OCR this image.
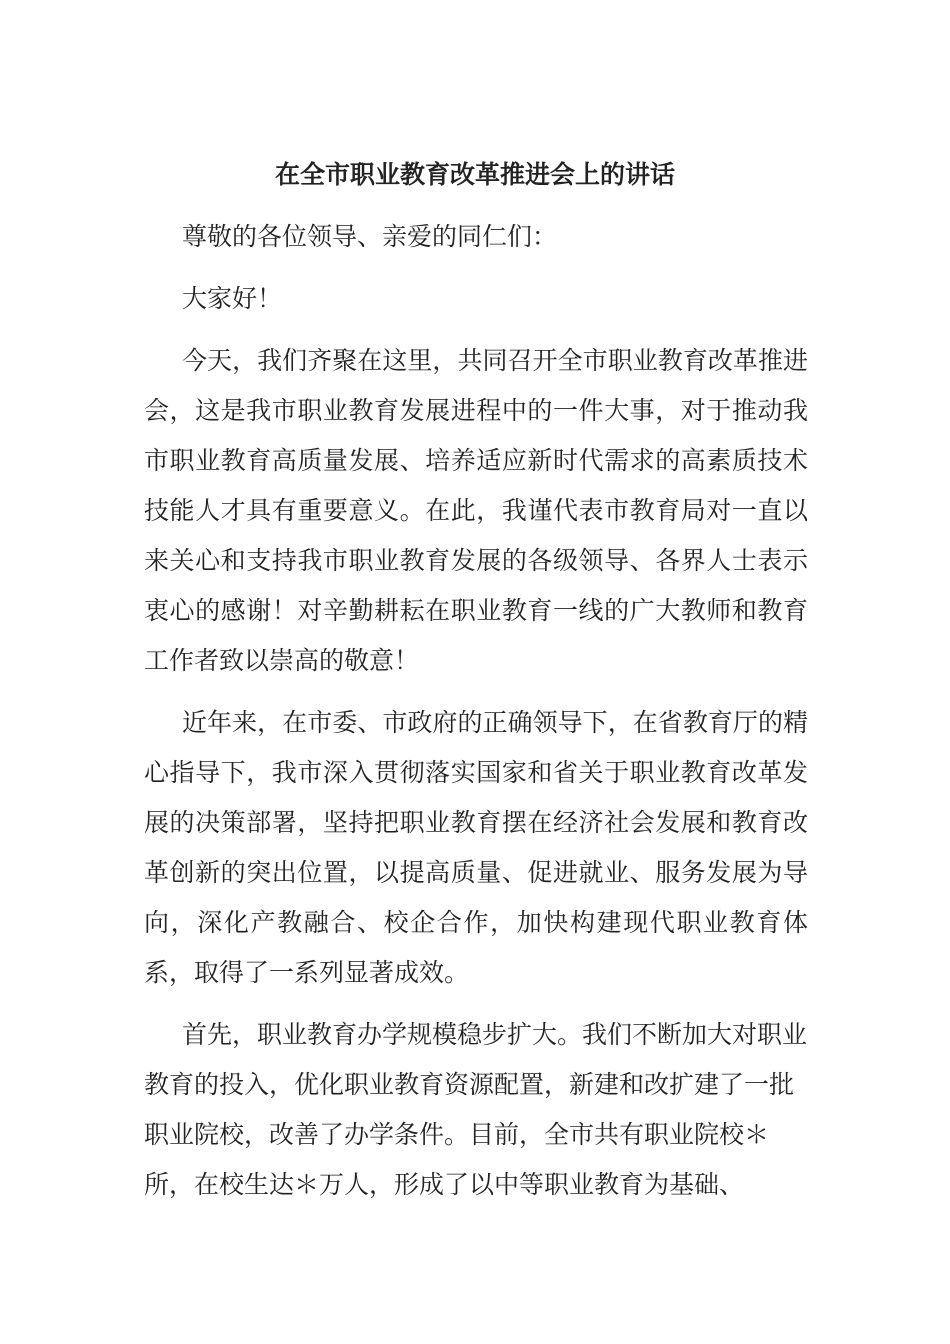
在全市职业教育改革推进会上的讲话

尊敬的各位领导、亲爱的同仁们：

大家好！

今天，我们齐聚在这里，共同召开全市职业教育改革推进会，这是我市职业教育发展进程中的一件大事，对于推动我市职业教育高质量发展、培养适应新时代需求的高素质技术技能人才具有重要意义。在此，我谨代表市教育局对一直以来关心和支持我市职业教育发展的各级领导、各界人士表示衷心的感谢！对辛勤耕耘在职业教育一线的广大教师和教育工作者致以崇高的敬意！

近年来，在市委、市政府的正确领导下，在省教育厅的精心指导下，我市深入贯彻落实国家和省关于职业教育改革发展的决策部署，坚持把职业教育摆在经济社会发展和教育改革创新的突出位置，以提高质量、促进就业、服务发展为导向，深化产教融合、校企合作，加快构建现代职业教育体系，取得了一系列显著成效。

首先，职业教育办学规模稳步扩大。我们不断加大对职业教育的投入，优化职业教育资源配置，新建和改扩建了一批职业院校，改善了办学条件。目前，全市共有职业院校＊所，在校生达＊万人，形成了以中等职业教育为基础、
